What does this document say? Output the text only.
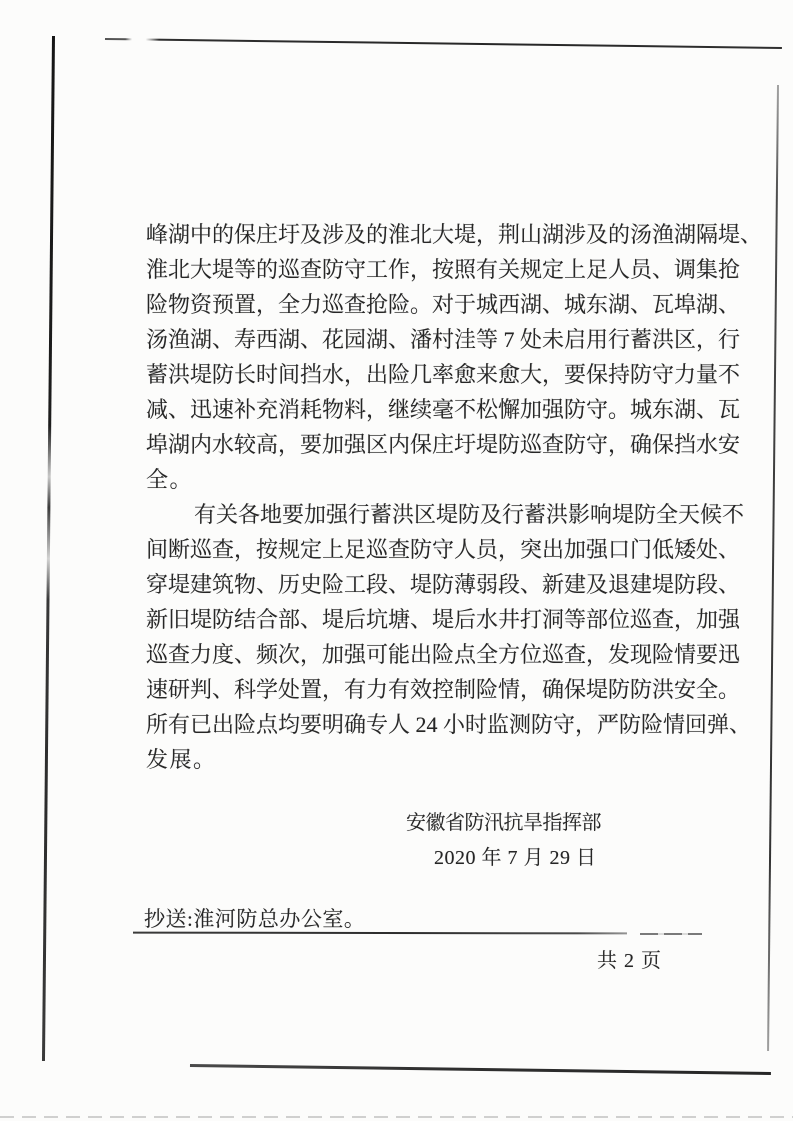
峰湖中的保庄圩及涉及的淮北大堤，荆山湖涉及的汤渔湖隔堤、
淮北大堤等的巡查防守工作，按照有关规定上足人员、调集抢
险物资预置，全力巡查抢险。对于城西湖、城东湖、瓦埠湖、
汤渔湖、寿西湖、花园湖、潘村洼等 7 处未启用行蓄洪区，行
蓄洪堤防长时间挡水，出险几率愈来愈大，要保持防守力量不
减、迅速补充消耗物料，继续毫不松懈加强防守。城东湖、瓦
埠湖内水较高，要加强区内保庄圩堤防巡查防守，确保挡水安
全。
有关各地要加强行蓄洪区堤防及行蓄洪影响堤防全天候不
间断巡查，按规定上足巡查防守人员，突出加强口门低矮处、
穿堤建筑物、历史险工段、堤防薄弱段、新建及退建堤防段、
新旧堤防结合部、堤后坑塘、堤后水井打洞等部位巡查，加强
巡查力度、频次，加强可能出险点全方位巡查，发现险情要迅
速研判、科学处置，有力有效控制险情，确保堤防防洪安全。
所有已出险点均要明确专人 24 小时监测防守，严防险情回弹、
发展。
安徽省防汛抗旱指挥部
2020 年 7 月 29 日
抄送:淮河防总办公室。
共 2 页
